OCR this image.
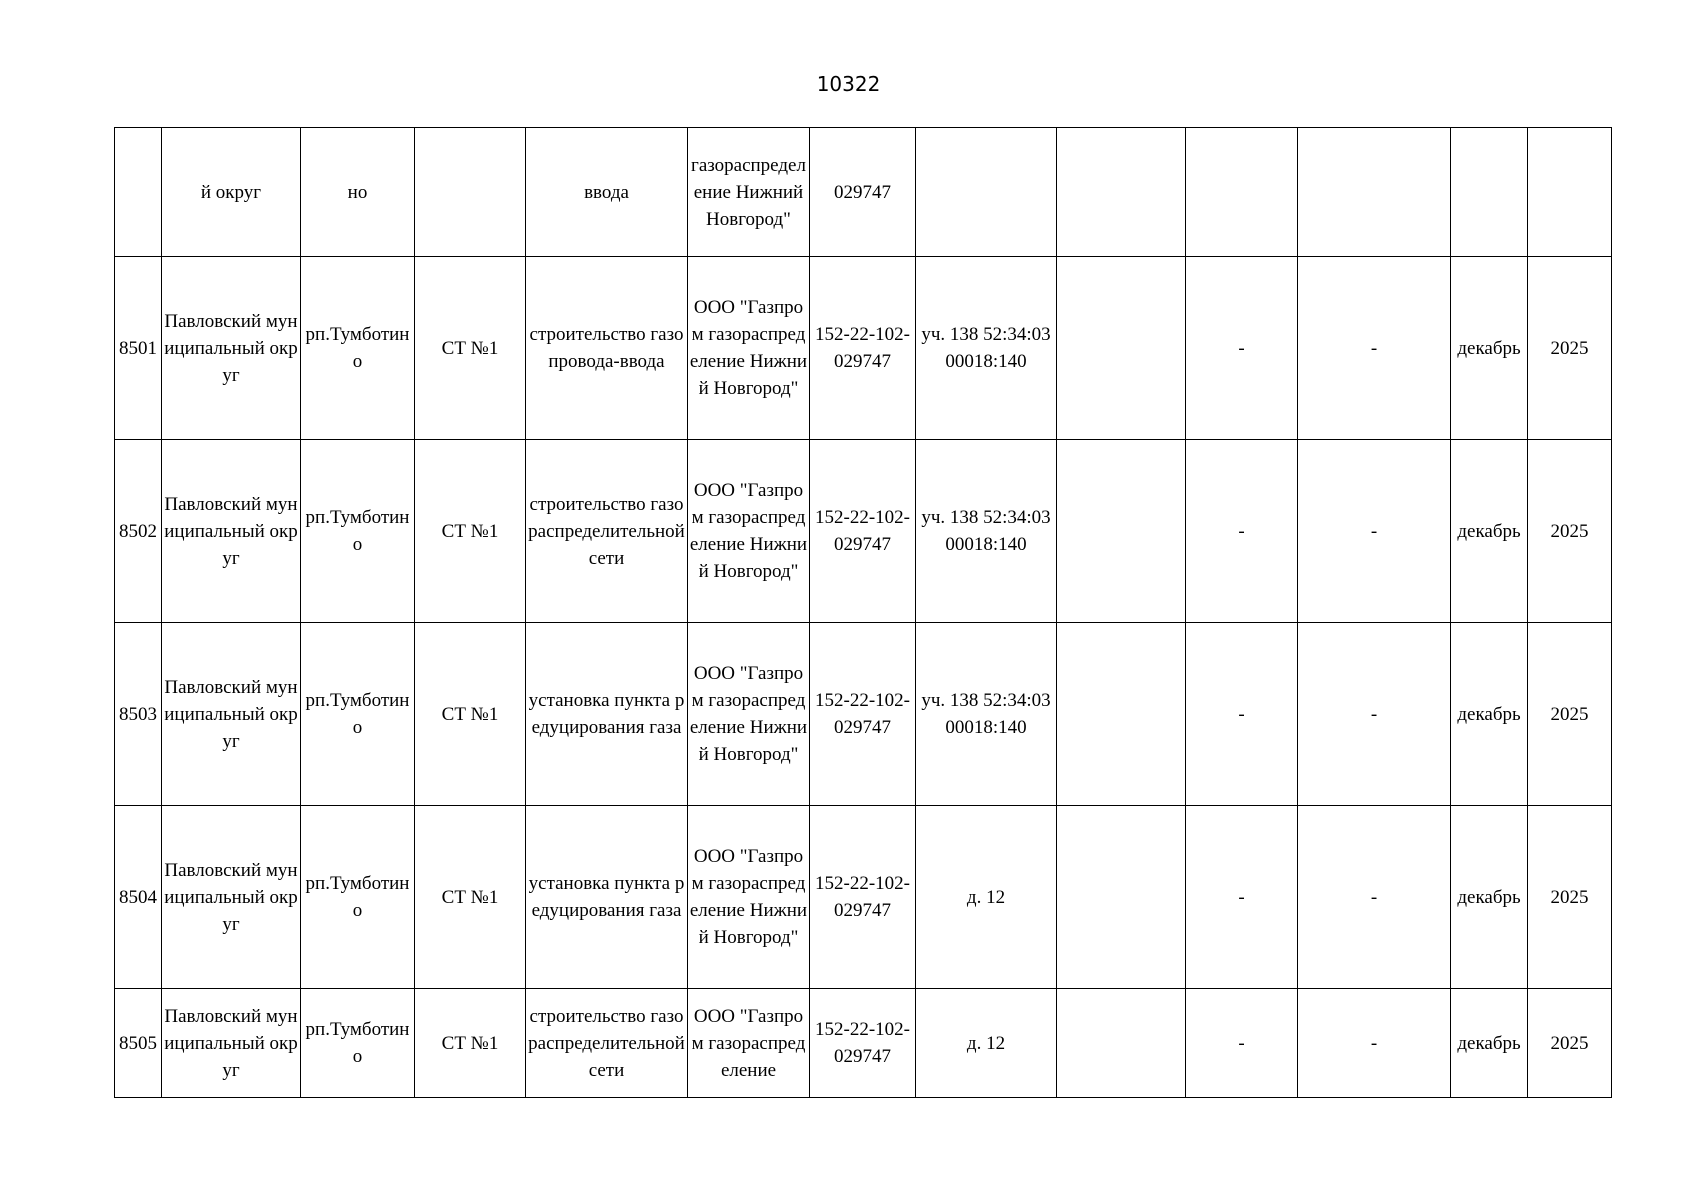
10322
	й округ	но		ввода	газораспределение Нижний Новгород"	029747						
8501	Павловский муниципальный округ	рп.Тумботино	СТ №1	строительство газопровода-ввода	ООО "Газпром газораспределение Нижний Новгород"	152-22-102-029747	уч. 138 52:34:0300018:140		-	-	декабрь	2025
8502	Павловский муниципальный округ	рп.Тумботино	СТ №1	строительство газораспределительной сети	ООО "Газпром газораспределение Нижний Новгород"	152-22-102-029747	уч. 138 52:34:0300018:140		-	-	декабрь	2025
8503	Павловский муниципальный округ	рп.Тумботино	СТ №1	установка пункта редуцирования газа	ООО "Газпром газораспределение Нижний Новгород"	152-22-102-029747	уч. 138 52:34:0300018:140		-	-	декабрь	2025
8504	Павловский муниципальный округ	рп.Тумботино	СТ №1	установка пункта редуцирования газа	ООО "Газпром газораспределение Нижний Новгород"	152-22-102-029747	д. 12		-	-	декабрь	2025
8505	Павловский муниципальный округ	рп.Тумботино	СТ №1	строительство газораспределительной сети	ООО "Газпром газораспределение	152-22-102-029747	д. 12		-	-	декабрь	2025
